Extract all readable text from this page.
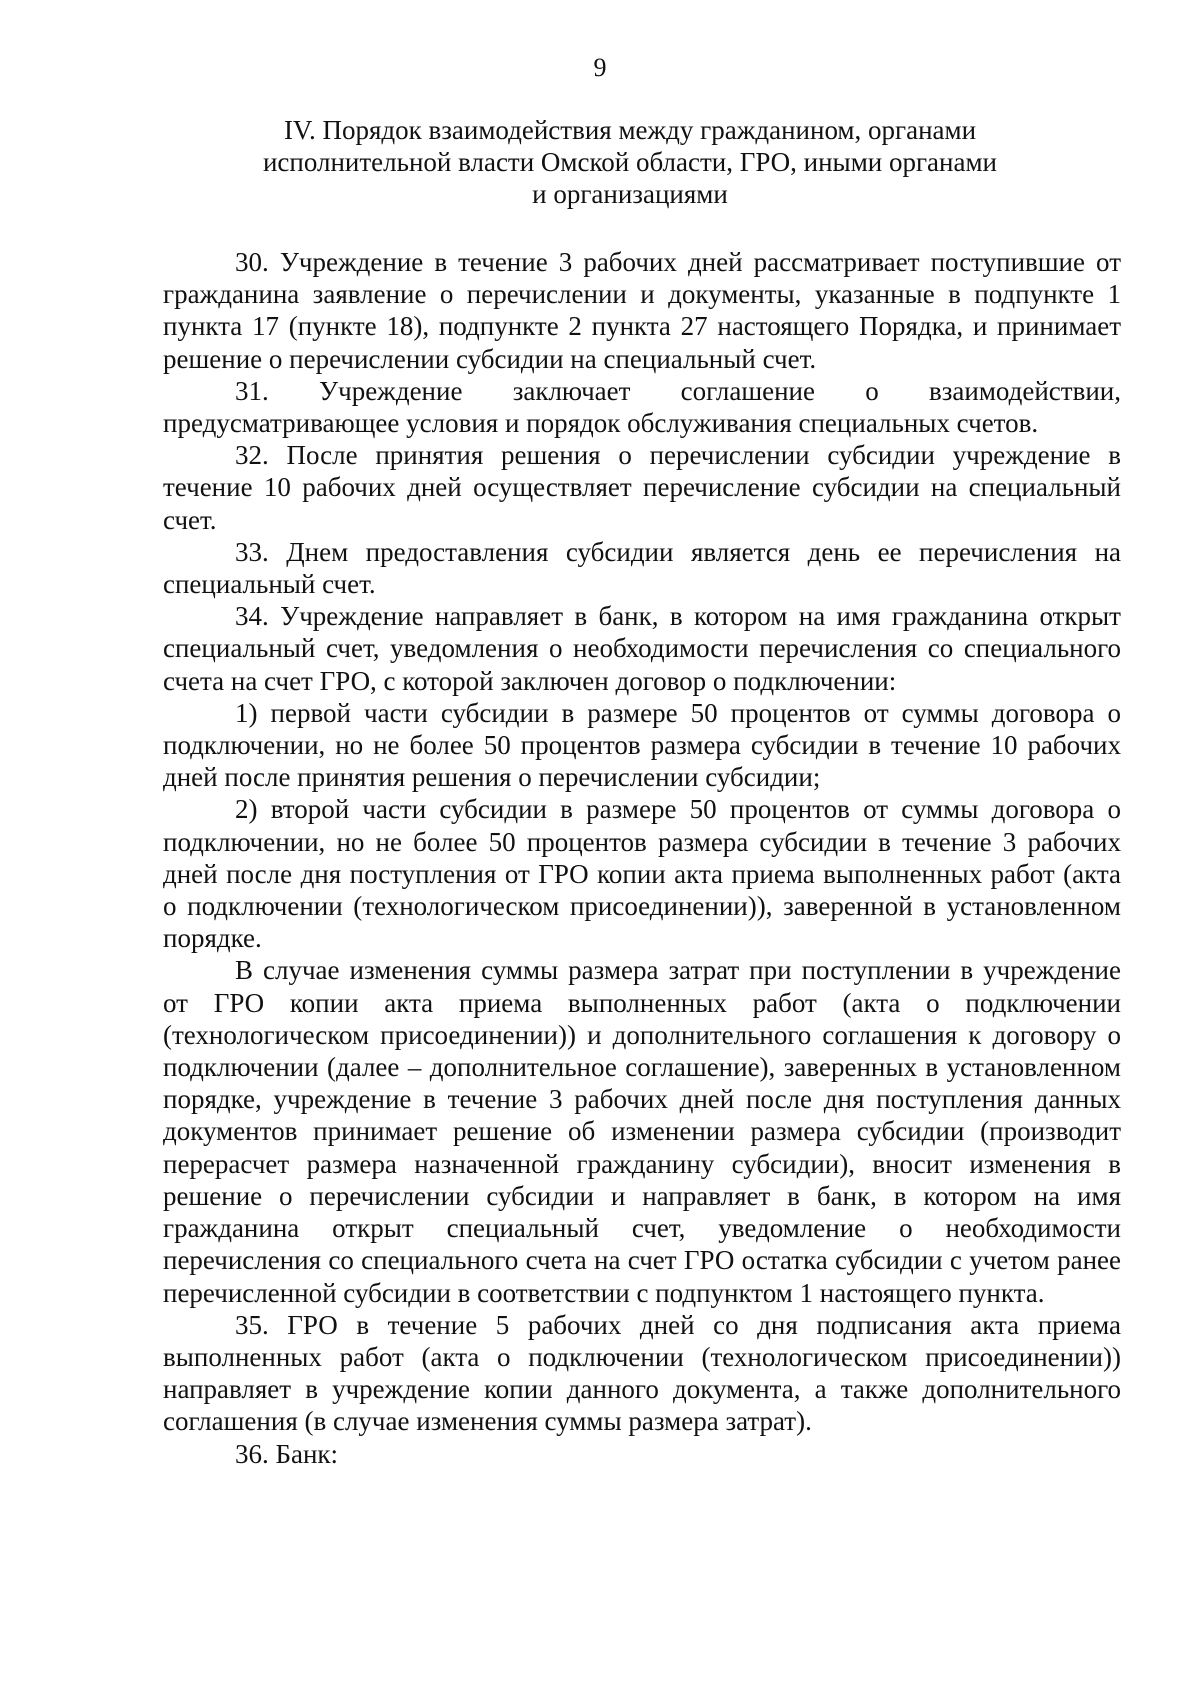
9
IV. Порядок взаимодействия между гражданином, органами
исполнительной власти Омской области, ГРО, иными органами
и организациями

30. Учреждение в течение 3 рабочих дней рассматривает поступившие от гражданина заявление о перечислении и документы, указанные в подпункте 1 пункта 17 (пункте 18), подпункте 2 пункта 27 настоящего Порядка, и принимает решение о перечислении субсидии на специальный счет.

31. Учреждение заключает соглашение о взаимодействии, предусматривающее условия и порядок обслуживания специальных счетов.

32. После принятия решения о перечислении субсидии учреждение в течение 10 рабочих дней осуществляет перечисление субсидии на специальный счет.

33. Днем предоставления субсидии является день ее перечисления на специальный счет.

34. Учреждение направляет в банк, в котором на имя гражданина открыт специальный счет, уведомления о необходимости перечисления со специального счета на счет ГРО, с которой заключен договор о подключении:

1) первой части субсидии в размере 50 процентов от суммы договора о подключении, но не более 50 процентов размера субсидии в течение 10 рабочих дней после принятия решения о перечислении субсидии;

2) второй части субсидии в размере 50 процентов от суммы договора о подключении, но не более 50 процентов размера субсидии в течение 3 рабочих дней после дня поступления от ГРО копии акта приема выполненных работ (акта о подключении (технологическом присоединении)), заверенной в установленном порядке.

В случае изменения суммы размера затрат при поступлении в учреждение от ГРО копии акта приема выполненных работ (акта о подключении (технологическом присоединении)) и дополнительного соглашения к договору о подключении (далее – дополнительное соглашение), заверенных в установленном порядке, учреждение в течение 3 рабочих дней после дня поступления данных документов принимает решение об изменении размера субсидии (производит перерасчет размера назначенной гражданину субсидии), вносит изменения в решение о перечислении субсидии и направляет в банк, в котором на имя гражданина открыт специальный счет, уведомление о необходимости перечисления со специального счета на счет ГРО остатка субсидии с учетом ранее перечисленной субсидии в соответствии с подпунктом 1 настоящего пункта.

35. ГРО в течение 5 рабочих дней со дня подписания акта приема выполненных работ (акта о подключении (технологическом присоединении)) направляет в учреждение копии данного документа, а также дополнительного соглашения (в случае изменения суммы размера затрат).

36. Банк:
